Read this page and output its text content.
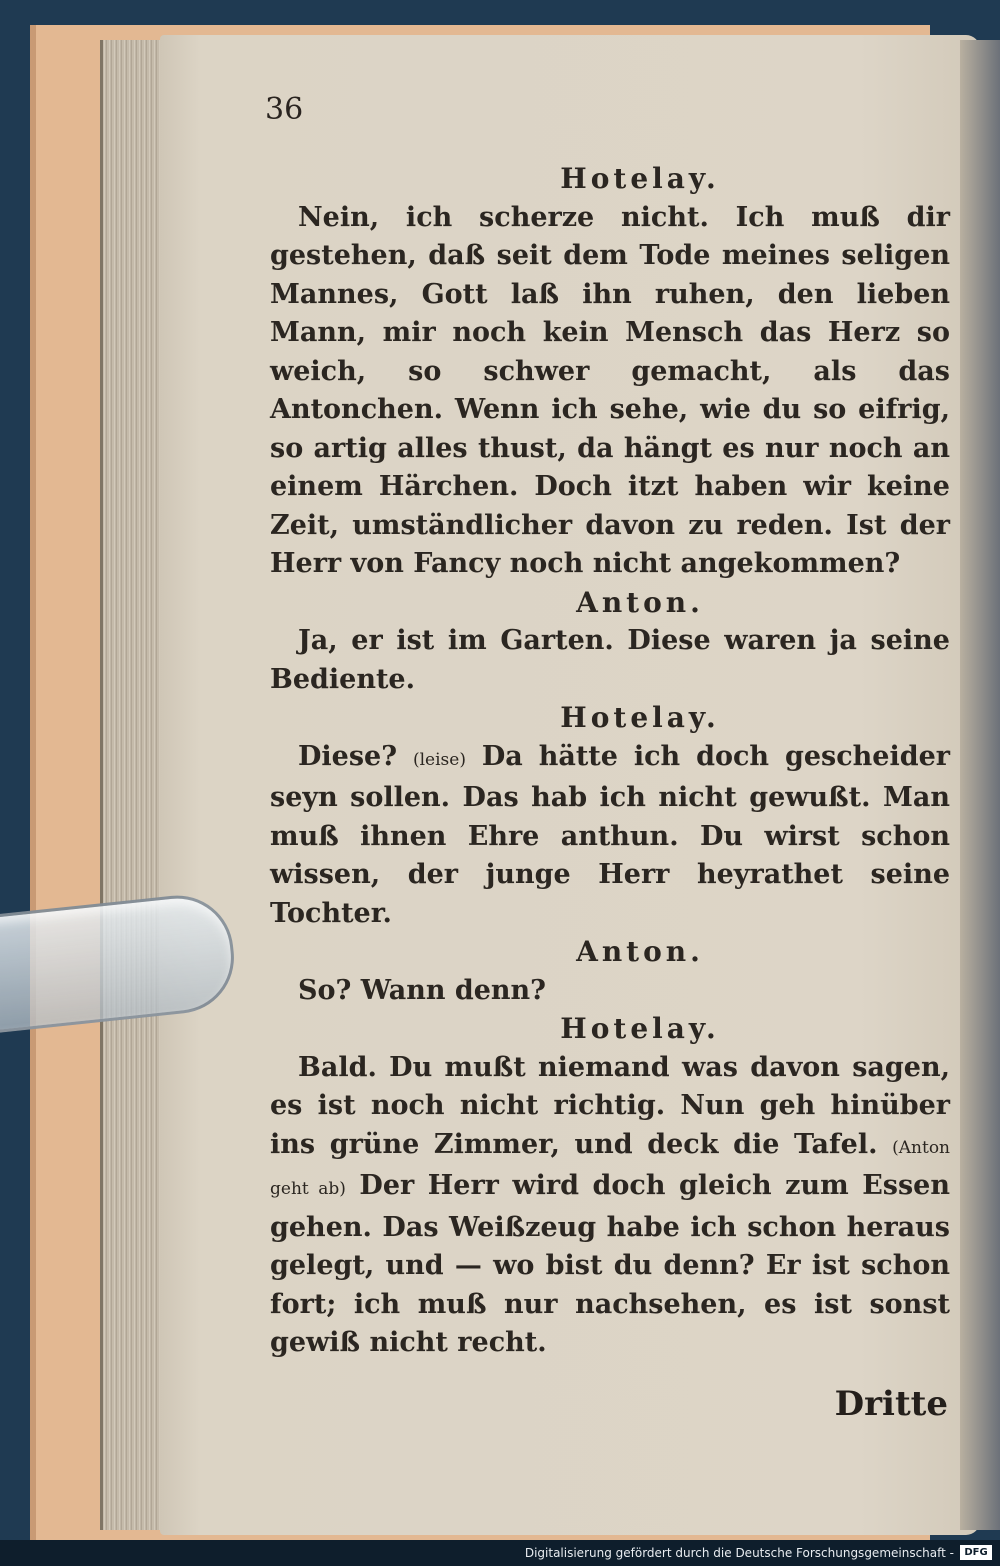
36

Hotelay.

Nein, ich scherze nicht. Ich muß dir gestehen, daß seit dem Tode meines seligen Mannes, Gott laß ihn ruhen, den lieben Mann, mir noch kein Mensch das Herz so weich, so schwer gemacht, als das Antonchen. Wenn ich sehe, wie du so eifrig, so artig alles thust, da hängt es nur noch an einem Härchen. Doch itzt haben wir keine Zeit, umständlicher davon zu reden. Ist der Herr von Fancy noch nicht angekommen?

Anton.

Ja, er ist im Garten. Diese waren ja seine Bediente.

Hotelay.

Diese? (leise) Da hätte ich doch gescheider seyn sollen. Das hab ich nicht gewußt. Man muß ihnen Ehre anthun. Du wirst schon wissen, der junge Herr heyrathet seine Tochter.

Anton.

So? Wann denn?

Hotelay.

Bald. Du mußt niemand was davon sagen, es ist noch nicht richtig. Nun geh hinüber ins grüne Zimmer, und deck die Tafel. (Anton geht ab) Der Herr wird doch gleich zum Essen gehen. Das Weißzeug habe ich schon heraus gelegt, und — wo bist du denn? Er ist schon fort; ich muß nur nachsehen, es ist sonst gewiß nicht recht.

Dritte
Digitalisierung gefördert durch die Deutsche Forschungsgemeinschaft -	DFG
